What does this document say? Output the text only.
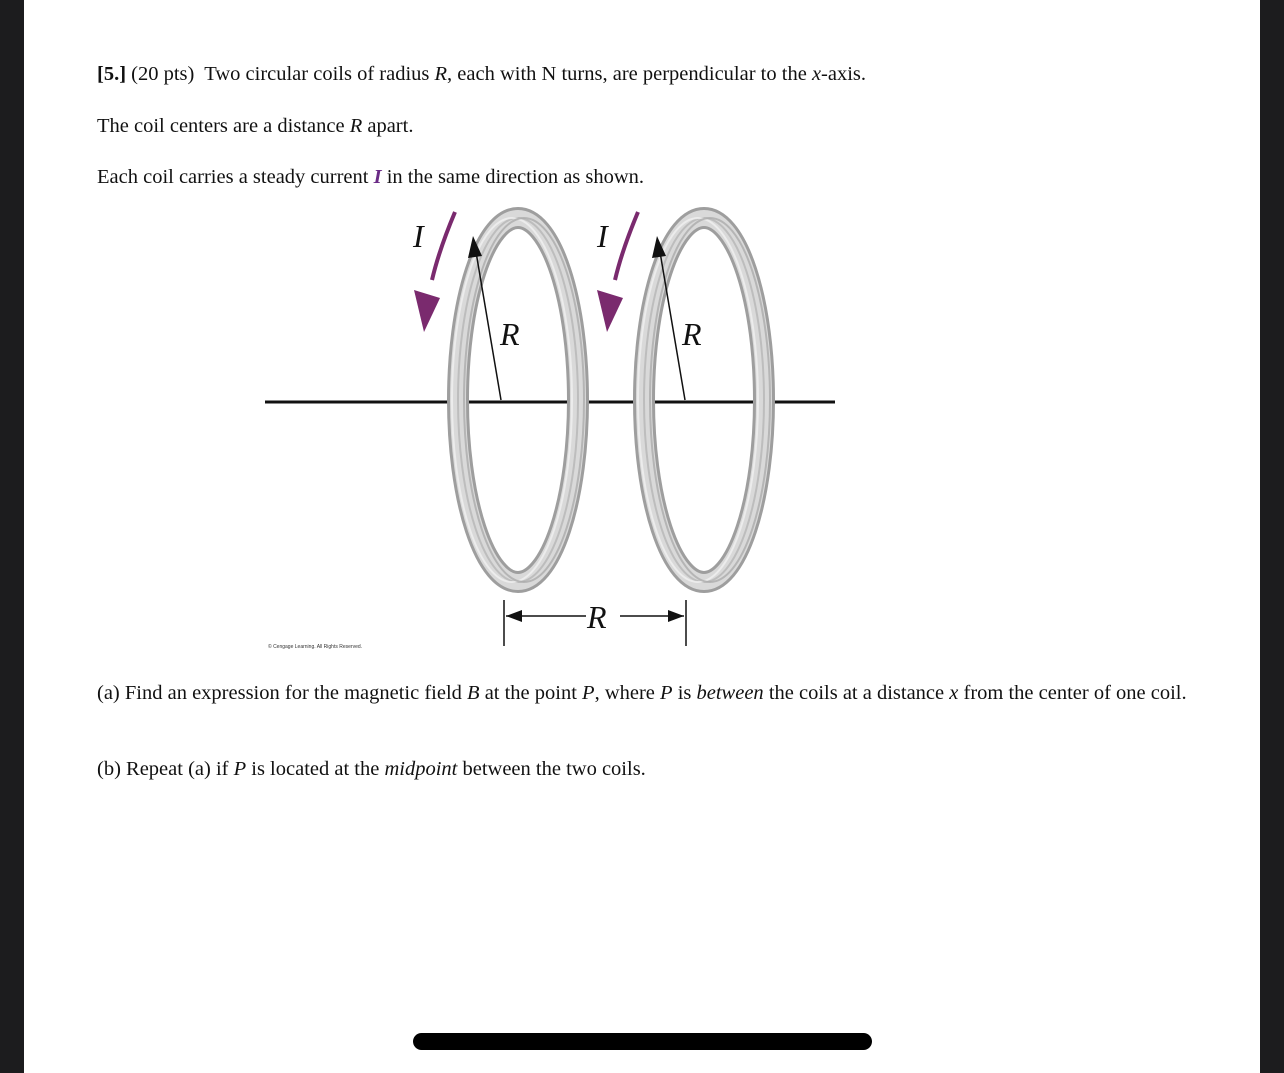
[5.] (20 pts) Two circular coils of radius R, each with N turns, are perpendicular to the x-axis.
The coil centers are a distance R apart.
Each coil carries a steady current I in the same direction as shown.
I	I
R	R
R
© Cengage Learning. All Rights Reserved.
(a) Find an expression for the magnetic field B at the point P, where P is between the coils at a distance x from the center of one coil.
(b) Repeat (a) if P is located at the midpoint between the two coils.
